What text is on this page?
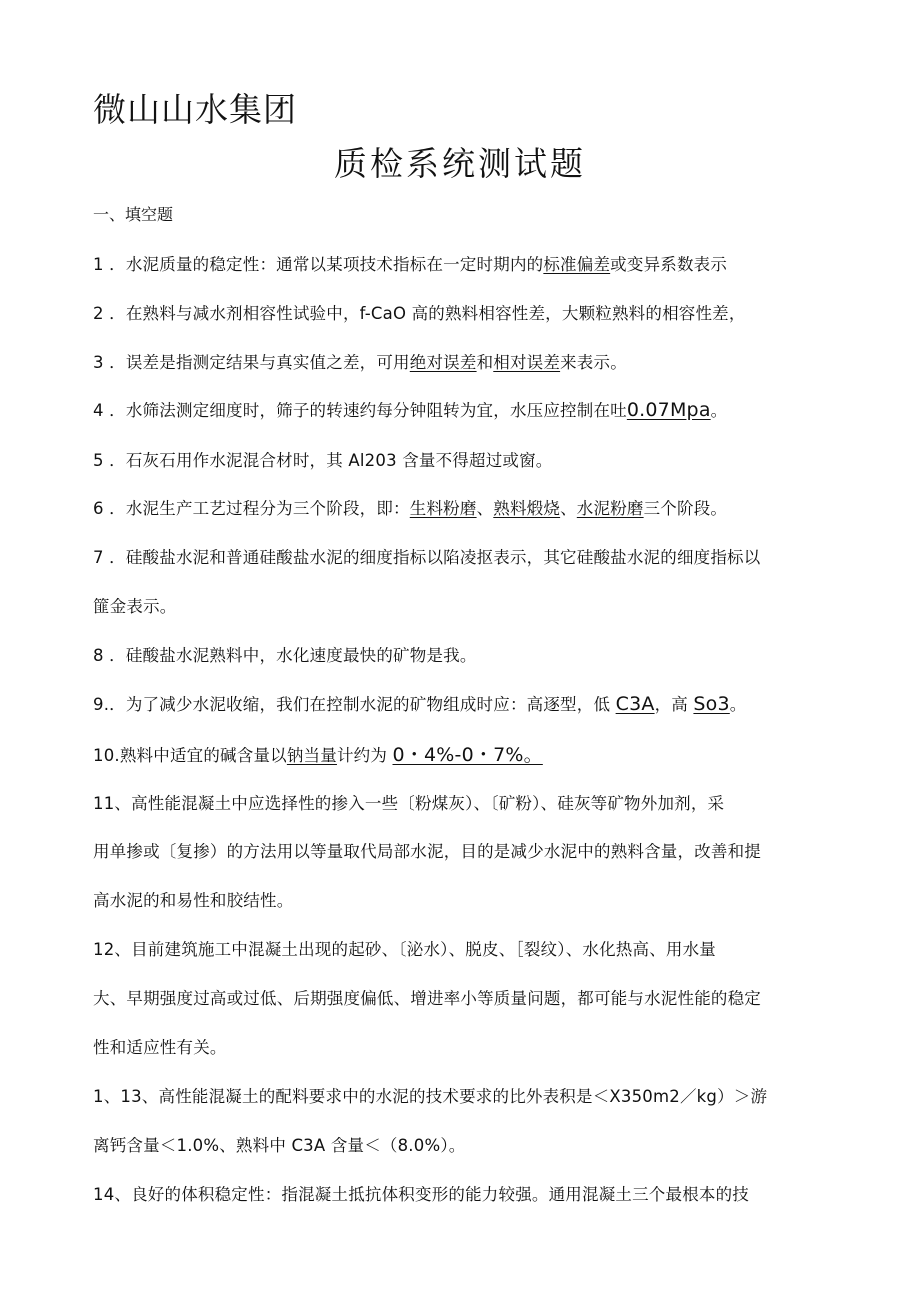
微山山水集团
质检系统测试题
一、填空题
1 ．水泥质量的稳定性：通常以某项技术指标在一定时期内的标准偏差或变异系数表示
2 ．在熟料与减水剂相容性试验中，f-CaO 高的熟料相容性差，大颗粒熟料的相容性差，
3 ．误差是指测定结果与真实值之差，可用绝对误差和相对误差来表示。
4 ．水筛法测定细度时，筛子的转速约每分钟阻转为宜，水压应控制在吐0.07Mpa。
5 ．石灰石用作水泥混合材时，其 Al203 含量不得超过或窗。
6 ．水泥生产工艺过程分为三个阶段，即：生料粉磨、熟料煅烧、水泥粉磨三个阶段。
7 ．硅酸盐水泥和普通硅酸盐水泥的细度指标以陷凌抠表示，其它硅酸盐水泥的细度指标以
篚金表示。
8 ．硅酸盐水泥熟料中，水化速度最快的矿物是我。
9.．为了减少水泥收缩，我们在控制水泥的矿物组成时应：高逐型，低 C3A，高 So3。
10.熟料中适宜的碱含量以钠当量计约为 0・4%-0・7%。
11、高性能混凝土中应选择性的掺入一些〔粉煤灰）、〔矿粉）、硅灰等矿物外加剂，采
用单掺或〔复掺）的方法用以等量取代局部水泥，目的是减少水泥中的熟料含量，改善和提
高水泥的和易性和胶结性。
12、目前建筑施工中混凝土出现的起砂、〔泌水）、脱皮、［裂纹）、水化热高、用水量
大、早期强度过高或过低、后期强度偏低、增进率小等质量问题，都可能与水泥性能的稳定
性和适应性有关。
1、13、高性能混凝土的配料要求中的水泥的技术要求的比外表积是＜X350m2／kg）＞游
离钙含量＜1.0%、熟料中 C3A 含量＜（8.0%）。
14、良好的体积稳定性：指混凝土抵抗体积变形的能力较强。通用混凝土三个最根本的技
